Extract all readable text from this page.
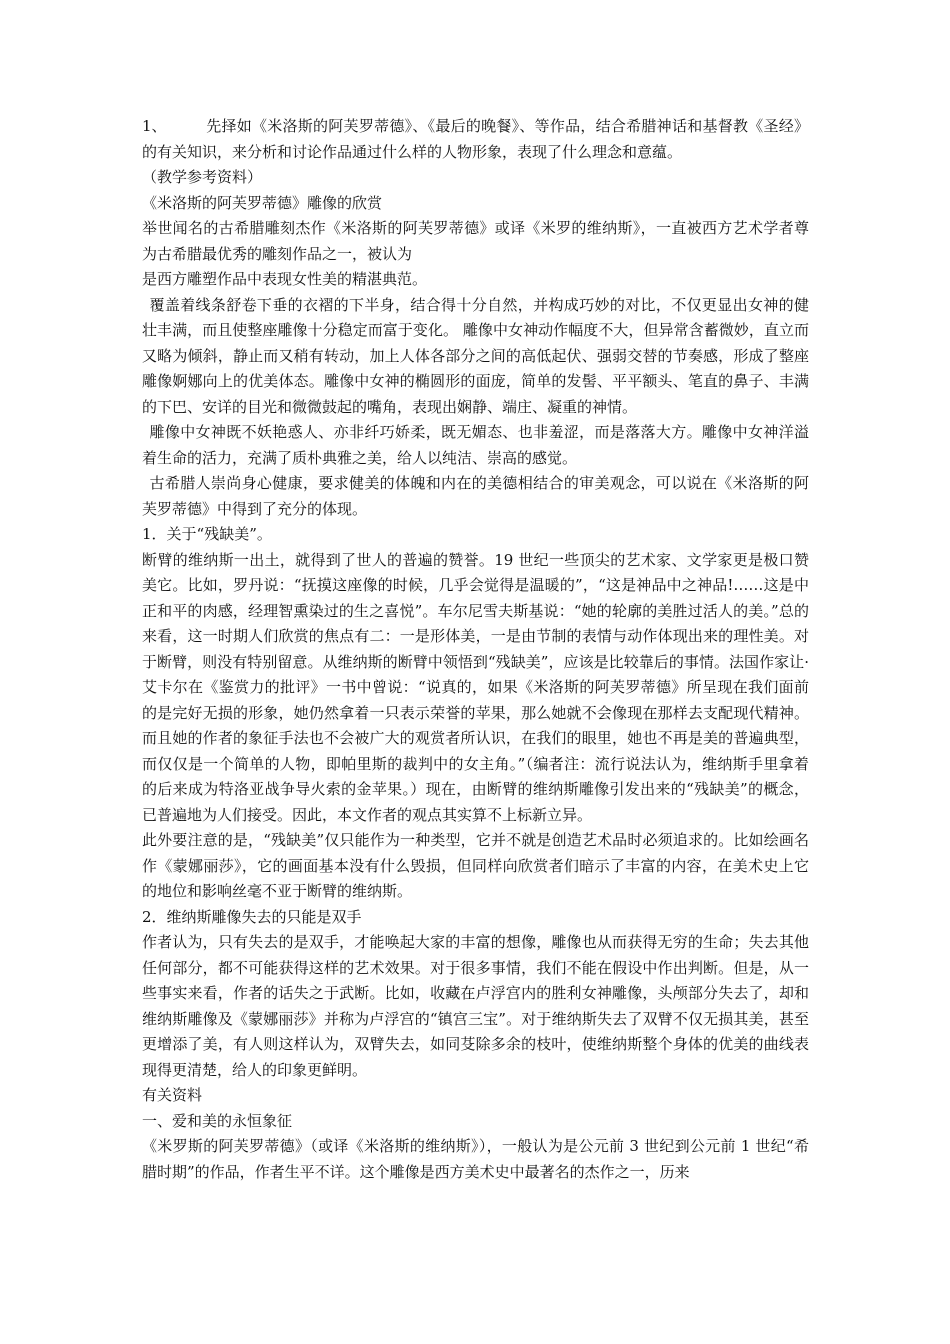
1、	先择如《米洛斯的阿芙罗蒂德》、《最后的晚餐》、等作品，结合希腊神话和基督教《圣经》的有关知识，来分析和讨论作品通过什么样的人物形象，表现了什么理念和意蕴。
（教学参考资料）
《米洛斯的阿芙罗蒂德》雕像的欣赏
举世闻名的古希腊雕刻杰作《米洛斯的阿芙罗蒂德》或译《米罗的维纳斯》，一直被西方艺术学者尊为古希腊最优秀的雕刻作品之一，被认为
是西方雕塑作品中表现女性美的精湛典范。
覆盖着线条舒卷下垂的衣褶的下半身，结合得十分自然，并构成巧妙的对比，不仅更显出女神的健壮丰满，而且使整座雕像十分稳定而富于变化。 雕像中女神动作幅度不大，但异常含蓄微妙，直立而又略为倾斜，静止而又稍有转动，加上人体各部分之间的高低起伏、强弱交替的节奏感，形成了整座雕像婀娜向上的优美体态。雕像中女神的椭圆形的面庞，简单的发髻、平平额头、笔直的鼻子、丰满的下巴、安详的目光和微微鼓起的嘴角，表现出娴静、端庄、凝重的神情。
雕像中女神既不妖艳惑人、亦非纤巧娇柔，既无媚态、也非羞涩，而是落落大方。雕像中女神洋溢着生命的活力，充满了质朴典雅之美，给人以纯洁、崇高的感觉。
古希腊人崇尚身心健康，要求健美的体魄和内在的美德相结合的审美观念，可以说在《米洛斯的阿芙罗蒂德》中得到了充分的体现。
1．关于“残缺美”。
断臂的维纳斯一出土，就得到了世人的普遍的赞誉。19 世纪一些顶尖的艺术家、文学家更是极口赞美它。比如，罗丹说：“抚摸这座像的时候，几乎会觉得是温暖的”，“这是神品中之神品!……这是中正和平的肉感，经理智熏染过的生之喜悦”。车尔尼雪夫斯基说：“她的轮廓的美胜过活人的美。”总的来看，这一时期人们欣赏的焦点有二：一是形体美，一是由节制的表情与动作体现出来的理性美。对于断臂，则没有特别留意。从维纳斯的断臂中领悟到“残缺美”，应该是比较靠后的事情。法国作家让·艾卡尔在《鉴赏力的批评》一书中曾说：“说真的，如果《米洛斯的阿芙罗蒂德》所呈现在我们面前的是完好无损的形象，她仍然拿着一只表示荣誉的苹果，那么她就不会像现在那样去支配现代精神。而且她的作者的象征手法也不会被广大的观赏者所认识，在我们的眼里，她也不再是美的普遍典型，而仅仅是一个简单的人物，即帕里斯的裁判中的女主角。”（编者注：流行说法认为，维纳斯手里拿着的后来成为特洛亚战争导火索的金苹果。）现在，由断臂的维纳斯雕像引发出来的“残缺美”的概念，已普遍地为人们接受。因此，本文作者的观点其实算不上标新立异。
此外要注意的是，“残缺美”仅只能作为一种类型，它并不就是创造艺术品时必须追求的。比如绘画名作《蒙娜丽莎》，它的画面基本没有什么毁损，但同样向欣赏者们暗示了丰富的内容，在美术史上它的地位和影响丝毫不亚于断臂的维纳斯。
2．维纳斯雕像失去的只能是双手
作者认为，只有失去的是双手，才能唤起大家的丰富的想像，雕像也从而获得无穷的生命；失去其他任何部分，都不可能获得这样的艺术效果。对于很多事情，我们不能在假设中作出判断。但是，从一些事实来看，作者的话失之于武断。比如，收藏在卢浮宫内的胜利女神雕像，头颅部分失去了，却和维纳斯雕像及《蒙娜丽莎》并称为卢浮宫的“镇宫三宝”。对于维纳斯失去了双臂不仅无损其美，甚至更增添了美，有人则这样认为，双臂失去，如同芟除多余的枝叶，使维纳斯整个身体的优美的曲线表现得更清楚，给人的印象更鲜明。
有关资料
一、爱和美的永恒象征
《米罗斯的阿芙罗蒂德》（或译《米洛斯的维纳斯》），一般认为是公元前 3 世纪到公元前 1 世纪“希腊时期”的作品，作者生平不详。这个雕像是西方美术史中最著名的杰作之一，历来
